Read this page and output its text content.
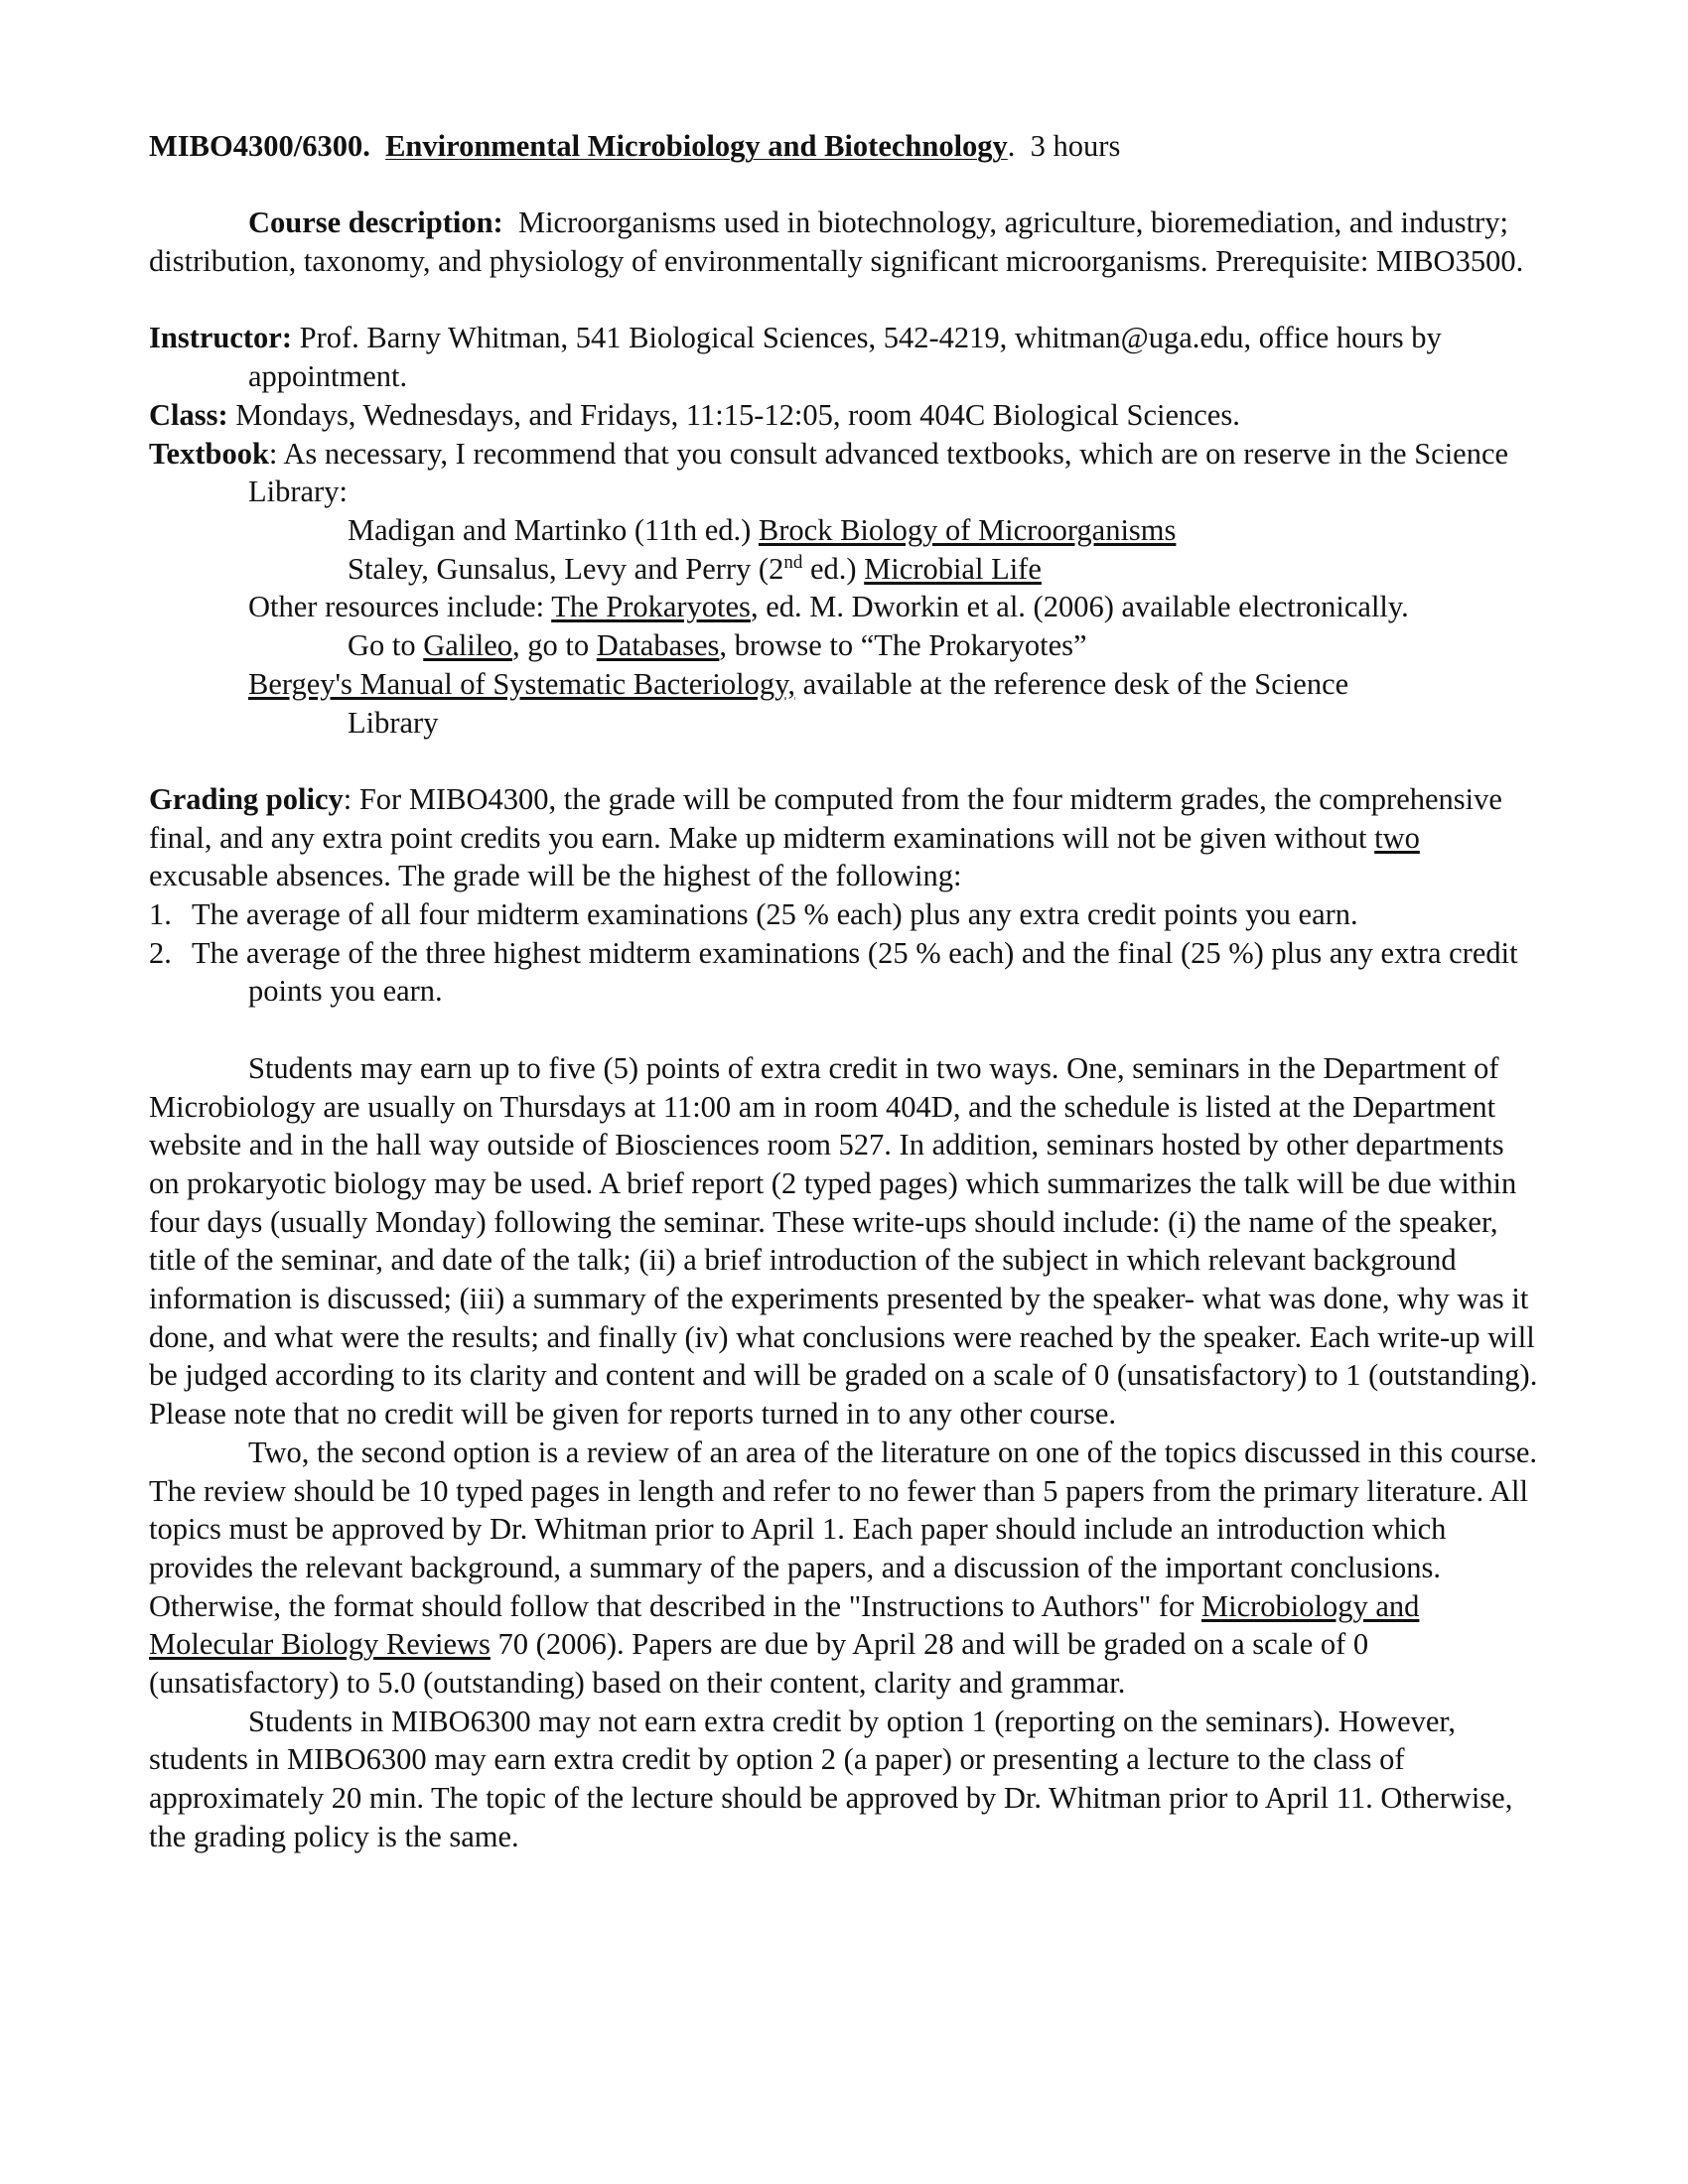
MIBO4300/6300. Environmental Microbiology and Biotechnology.  3 hours

Course description: Microorganisms used in biotechnology, agriculture, bioremediation, and industry; distribution, taxonomy, and physiology of environmentally significant microorganisms. Prerequisite: MIBO3500.

Instructor: Prof. Barny Whitman, 541 Biological Sciences, 542-4219, whitman@uga.edu, office hours by appointment.

Class: Mondays, Wednesdays, and Fridays, 11:15-12:05, room 404C Biological Sciences.

Textbook: As necessary, I recommend that you consult advanced textbooks, which are on reserve in the Science Library:

Madigan and Martinko (11th ed.) Brock Biology of Microorganisms

Staley, Gunsalus, Levy and Perry (2nd ed.) Microbial Life

Other resources include: The Prokaryotes, ed. M. Dworkin et al. (2006) available electronically.

Go to Galileo, go to Databases, browse to “The Prokaryotes”

Bergey's Manual of Systematic Bacteriology, available at the reference desk of the Science

Library

Grading policy: For MIBO4300, the grade will be computed from the four midterm grades, the comprehensive final, and any extra point credits you earn. Make up midterm examinations will not be given without two excusable absences. The grade will be the highest of the following:

1. The average of all four midterm examinations (25 % each) plus any extra credit points you earn.

2. The average of the three highest midterm examinations (25 % each) and the final (25 %) plus any extra credit points you earn.

Students may earn up to five (5) points of extra credit in two ways. One, seminars in the Department of Microbiology are usually on Thursdays at 11:00 am in room 404D, and the schedule is listed at the Department website and in the hall way outside of Biosciences room 527. In addition, seminars hosted by other departments on prokaryotic biology may be used. A brief report (2 typed pages) which summarizes the talk will be due within four days (usually Monday) following the seminar. These write-ups should include: (i) the name of the speaker, title of the seminar, and date of the talk; (ii) a brief introduction of the subject in which relevant background information is discussed; (iii) a summary of the experiments presented by the speaker- what was done, why was it done, and what were the results; and finally (iv) what conclusions were reached by the speaker. Each write-up will be judged according to its clarity and content and will be graded on a scale of 0 (unsatisfactory) to 1 (outstanding). Please note that no credit will be given for reports turned in to any other course.

Two, the second option is a review of an area of the literature on one of the topics discussed in this course. The review should be 10 typed pages in length and refer to no fewer than 5 papers from the primary literature. All topics must be approved by Dr. Whitman prior to April 1. Each paper should include an introduction which provides the relevant background, a summary of the papers, and a discussion of the important conclusions. Otherwise, the format should follow that described in the "Instructions to Authors" for Microbiology and Molecular Biology Reviews 70 (2006). Papers are due by April 28 and will be graded on a scale of 0 (unsatisfactory) to 5.0 (outstanding) based on their content, clarity and grammar.

Students in MIBO6300 may not earn extra credit by option 1 (reporting on the seminars). However, students in MIBO6300 may earn extra credit by option 2 (a paper) or presenting a lecture to the class of approximately 20 min. The topic of the lecture should be approved by Dr. Whitman prior to April 11. Otherwise, the grading policy is the same.
